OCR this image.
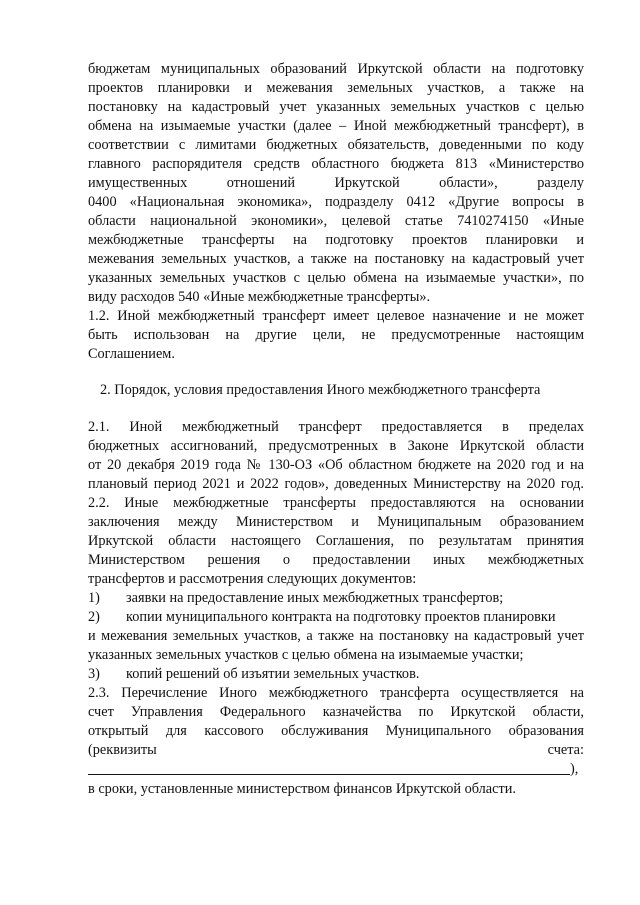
бюджетам муниципальных образований Иркутской области на подготовку
проектов планировки и межевания земельных участков, а также на
постановку на кадастровый учет указанных земельных участков с целью
обмена на изымаемые участки (далее – Иной межбюджетный трансферт), в
соответствии с лимитами бюджетных обязательств, доведенными по коду
главного распорядителя средств областного бюджета 813 «Министерство
имущественных отношений Иркутской области», разделу
0400 «Национальная экономика», подразделу 0412 «Другие вопросы в
области национальной экономики», целевой статье 7410274150 «Иные
межбюджетные трансферты на подготовку проектов планировки и
межевания земельных участков, а также на постановку на кадастровый учет
указанных земельных участков с целью обмена на изымаемые участки», по
виду расходов 540 «Иные межбюджетные трансферты».
1.2. Иной межбюджетный трансферт имеет целевое назначение и не может
быть использован на другие цели, не предусмотренные настоящим
Соглашением.
2. Порядок, условия предоставления Иного межбюджетного трансферта
2.1. Иной межбюджетный трансферт предоставляется в пределах
бюджетных ассигнований, предусмотренных в Законе Иркутской области
от 20 декабря 2019 года № 130-ОЗ «Об областном бюджете на 2020 год и на
плановый период 2021 и 2022 годов», доведенных Министерству на 2020 год.
2.2. Иные межбюджетные трансферты предоставляются на основании
заключения между Министерством и Муниципальным образованием
Иркутской области настоящего Соглашения, по результатам принятия
Министерством решения о предоставлении иных межбюджетных
трансфертов и рассмотрения следующих документов:
1) заявки на предоставление иных межбюджетных трансфертов;
2) копии муниципального контракта на подготовку проектов планировки
и межевания земельных участков, а также на постановку на кадастровый учет
указанных земельных участков с целью обмена на изымаемые участки;
3) копий решений об изъятии земельных участков.
2.3. Перечисление Иного межбюджетного трансферта осуществляется на
счет Управления Федерального казначейства по Иркутской области,
открытый для кассового обслуживания Муниципального образования
(реквизиты	счета:
),
в сроки, установленные министерством финансов Иркутской области.
